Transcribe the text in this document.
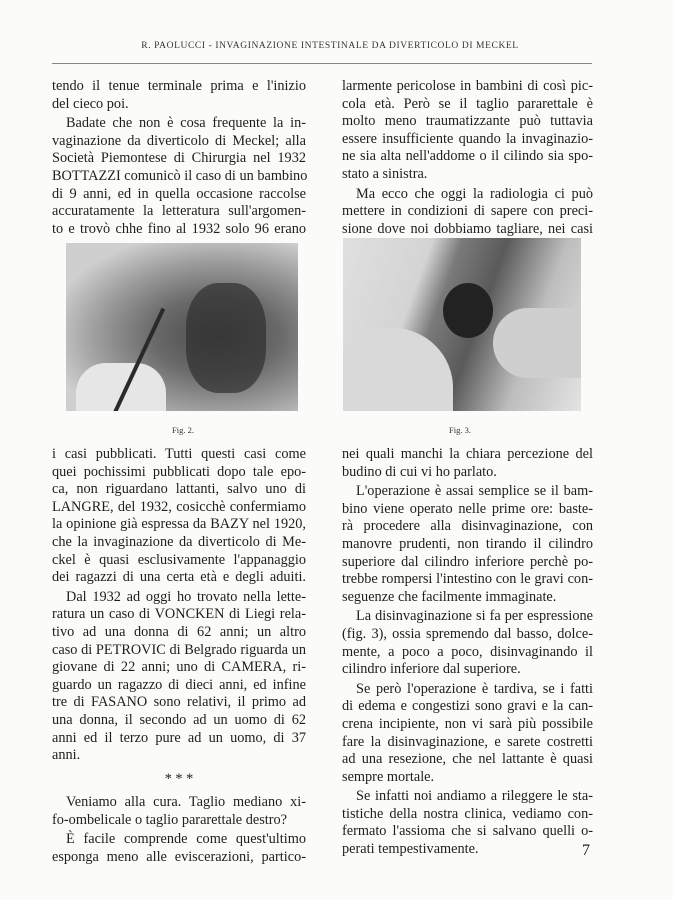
R. PAOLUCCI - INVAGINAZIONE INTESTINALE DA DIVERTICOLO DI MECKEL

tendo il tenue terminale prima e l'inizio
del cieco poi.

Badate che non è cosa frequente la in-
vaginazione da diverticolo di Meckel; alla
Società Piemontese di Chirurgia nel 1932
BOTTAZZI comunicò il caso di un bambino
di 9 anni, ed in quella occasione raccolse
accuratamente la letteratura sull'argomen-
to e trovò chhe fino al 1932 solo 96 erano

larmente pericolose in bambini di così pic-
cola età. Però se il taglio pararettale è
molto meno traumatizzante può tuttavia
essere insufficiente quando la invaginazio-
ne sia alta nell'addome o il cilindo sia spo-
stato a sinistra.

Ma ecco che oggi la radiologia ci può
mettere in condizioni di sapere con preci-
sione dove noi dobbiamo tagliare, nei casi

Fig. 2.	Fig. 3.

i casi pubblicati. Tutti questi casi come
quei pochissimi pubblicati dopo tale epo-
ca, non riguardano lattanti, salvo uno di
LANGRE, del 1932, cosicchè confermiamo
la opinione già espressa da BAZY nel 1920,
che la invaginazione da diverticolo di Me-
ckel è quasi esclusivamente l'appanaggio
dei ragazzi di una certa età e degli aduiti.

Dal 1932 ad oggi ho trovato nella lette-
ratura un caso di VONCKEN di Liegi rela-
tivo ad una donna di 62 anni; un altro
caso di PETROVIC di Belgrado riguarda un
giovane di 22 anni; uno di CAMERA, ri-
guardo un ragazzo di dieci anni, ed infine
tre di FASANO sono relativi, il primo ad
una donna, il secondo ad un uomo di 62
anni ed il terzo pure ad un uomo, di 37
anni.

* * *

Veniamo alla cura. Taglio mediano xi-
fo-ombelicale o taglio pararettale destro?

È facile comprende come quest'ultimo
esponga meno alle eviscerazioni, partico-

nei quali manchi la chiara percezione del
budino di cui vi ho parlato.

L'operazione è assai semplice se il bam-
bino viene operato nelle prime ore: baste-
rà procedere alla disinvaginazione, con
manovre prudenti, non tirando il cilindro
superiore dal cilindro inferiore perchè po-
trebbe rompersi l'intestino con le gravi con-
seguenze che facilmente immaginate.

La disinvaginazione si fa per espressione
(fig. 3), ossia spremendo dal basso, dolce-
mente, a poco a poco, disinvaginando il
cilindro inferiore dal superiore.

Se però l'operazione è tardiva, se i fatti
di edema e congestizi sono gravi e la can-
crena incipiente, non vi sarà più possibile
fare la disinvaginazione, e sarete costretti
ad una resezione, che nel lattante è quasi
sempre mortale.

Se infatti noi andiamo a rileggere le sta-
tistiche della nostra clinica, vediamo con-
fermato l'assioma che si salvano quelli o-
perati tempestivamente.	7
